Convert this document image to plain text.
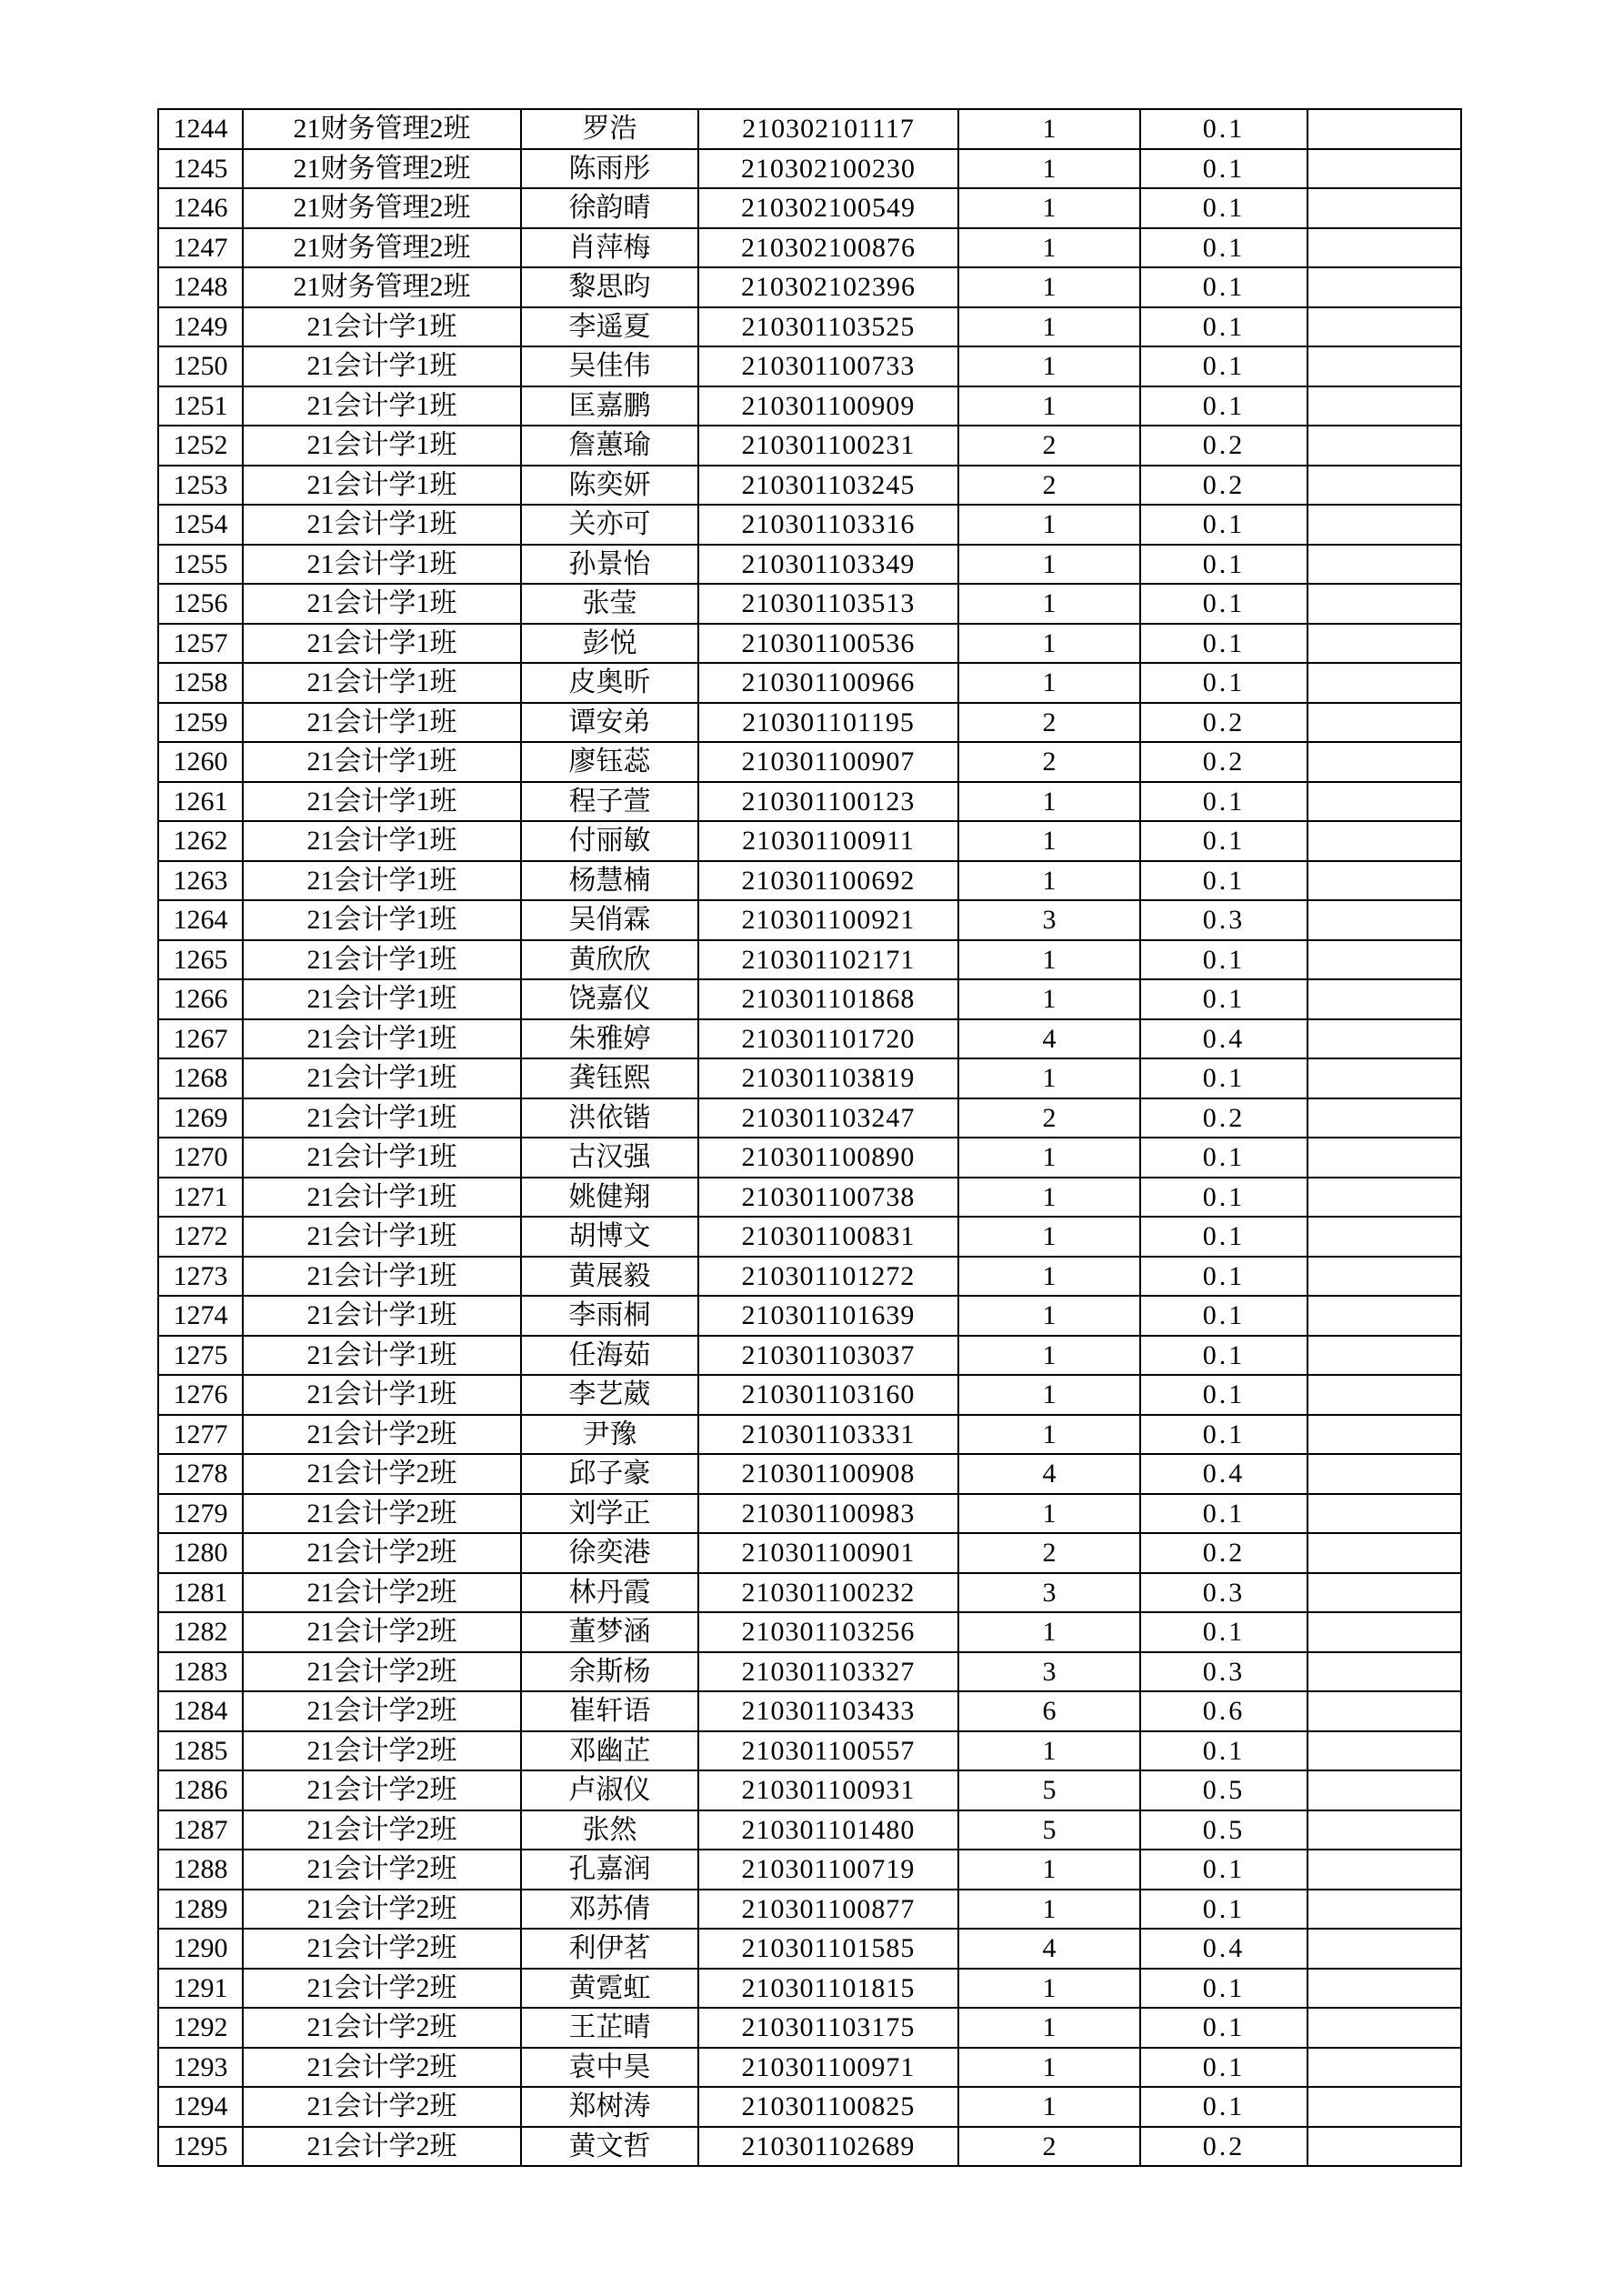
1244	21财务管理2班	罗浩	210302101117	1	0.1	
1245	21财务管理2班	陈雨彤	210302100230	1	0.1	
1246	21财务管理2班	徐韵晴	210302100549	1	0.1	
1247	21财务管理2班	肖萍梅	210302100876	1	0.1	
1248	21财务管理2班	黎思昀	210302102396	1	0.1	
1249	21会计学1班	李遥夏	210301103525	1	0.1	
1250	21会计学1班	吴佳伟	210301100733	1	0.1	
1251	21会计学1班	匡嘉鹏	210301100909	1	0.1	
1252	21会计学1班	詹蕙瑜	210301100231	2	0.2	
1253	21会计学1班	陈奕妍	210301103245	2	0.2	
1254	21会计学1班	关亦可	210301103316	1	0.1	
1255	21会计学1班	孙景怡	210301103349	1	0.1	
1256	21会计学1班	张莹	210301103513	1	0.1	
1257	21会计学1班	彭悦	210301100536	1	0.1	
1258	21会计学1班	皮奥昕	210301100966	1	0.1	
1259	21会计学1班	谭安弟	210301101195	2	0.2	
1260	21会计学1班	廖钰蕊	210301100907	2	0.2	
1261	21会计学1班	程子萱	210301100123	1	0.1	
1262	21会计学1班	付丽敏	210301100911	1	0.1	
1263	21会计学1班	杨慧楠	210301100692	1	0.1	
1264	21会计学1班	吴俏霖	210301100921	3	0.3	
1265	21会计学1班	黄欣欣	210301102171	1	0.1	
1266	21会计学1班	饶嘉仪	210301101868	1	0.1	
1267	21会计学1班	朱雅婷	210301101720	4	0.4	
1268	21会计学1班	龚钰熙	210301103819	1	0.1	
1269	21会计学1班	洪依锴	210301103247	2	0.2	
1270	21会计学1班	古汉强	210301100890	1	0.1	
1271	21会计学1班	姚健翔	210301100738	1	0.1	
1272	21会计学1班	胡博文	210301100831	1	0.1	
1273	21会计学1班	黄展毅	210301101272	1	0.1	
1274	21会计学1班	李雨桐	210301101639	1	0.1	
1275	21会计学1班	任海茹	210301103037	1	0.1	
1276	21会计学1班	李艺葳	210301103160	1	0.1	
1277	21会计学2班	尹豫	210301103331	1	0.1	
1278	21会计学2班	邱子豪	210301100908	4	0.4	
1279	21会计学2班	刘学正	210301100983	1	0.1	
1280	21会计学2班	徐奕港	210301100901	2	0.2	
1281	21会计学2班	林丹霞	210301100232	3	0.3	
1282	21会计学2班	董梦涵	210301103256	1	0.1	
1283	21会计学2班	余斯杨	210301103327	3	0.3	
1284	21会计学2班	崔轩语	210301103433	6	0.6	
1285	21会计学2班	邓幽芷	210301100557	1	0.1	
1286	21会计学2班	卢淑仪	210301100931	5	0.5	
1287	21会计学2班	张然	210301101480	5	0.5	
1288	21会计学2班	孔嘉润	210301100719	1	0.1	
1289	21会计学2班	邓苏倩	210301100877	1	0.1	
1290	21会计学2班	利伊茗	210301101585	4	0.4	
1291	21会计学2班	黄霓虹	210301101815	1	0.1	
1292	21会计学2班	王芷晴	210301103175	1	0.1	
1293	21会计学2班	袁中昊	210301100971	1	0.1	
1294	21会计学2班	郑树涛	210301100825	1	0.1	
1295	21会计学2班	黄文哲	210301102689	2	0.2	
